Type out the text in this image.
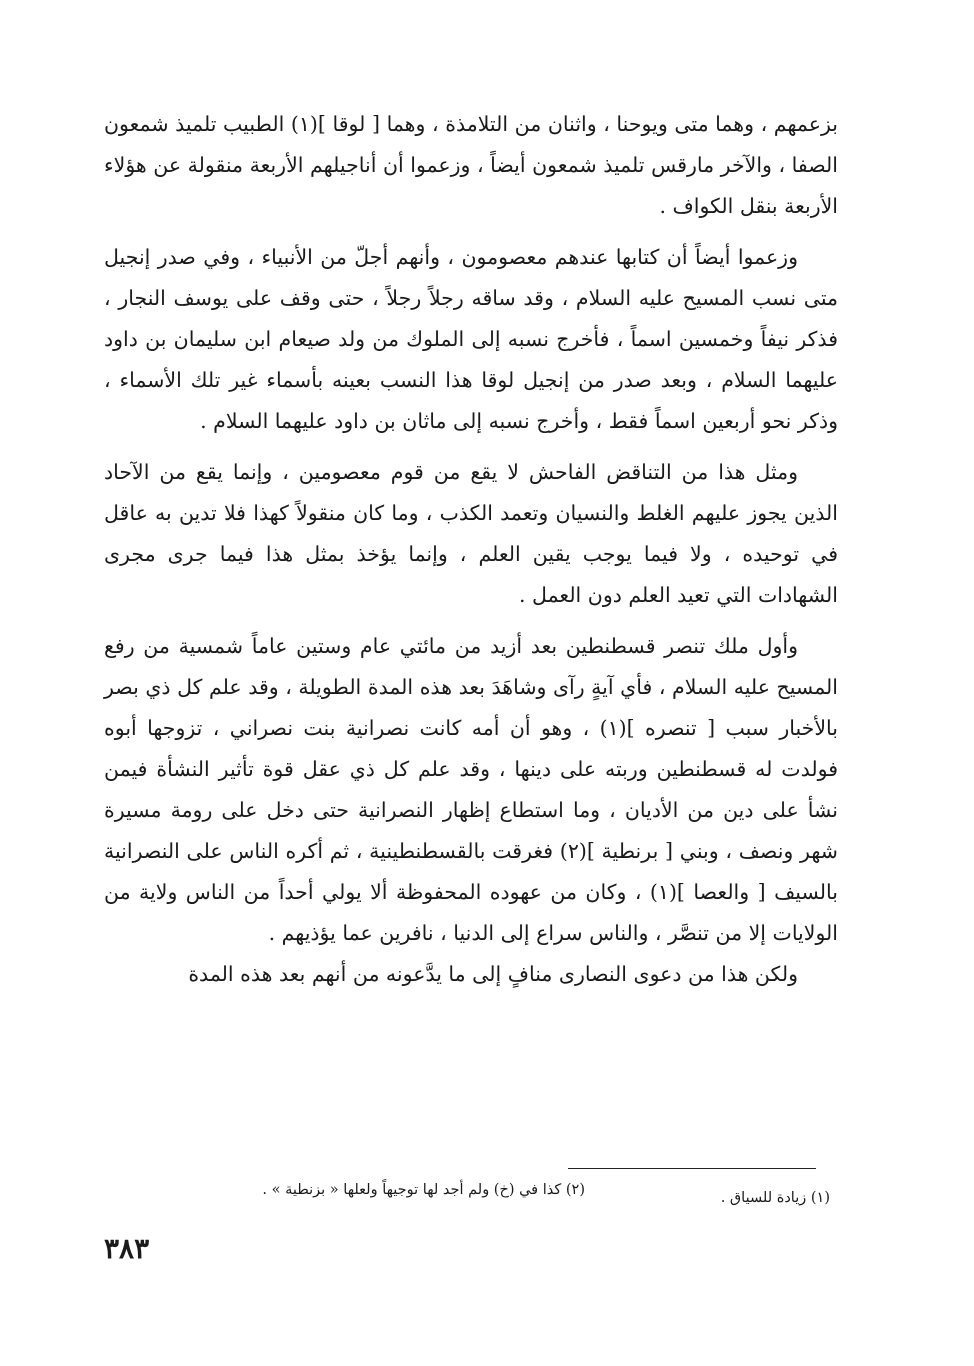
بزعمهم ، وهما متى ويوحنا ، واثنان من التلامذة ، وهما [ لوقا ](١) الطبيب تلميذ شمعون الصفا ، والآخر مارقس تلميذ شمعون أيضاً ، وزعموا أن أناجيلهم الأربعة منقولة عن هؤلاء الأربعة بنقل الكواف .

وزعموا أيضاً أن كتابها عندهم معصومون ، وأنهم أجلّ من الأنبياء ، وفي صدر إنجيل متى نسب المسيح عليه السلام ، وقد ساقه رجلاً رجلاً ، حتى وقف على يوسف النجار ، فذكر نيفاً وخمسين اسماً ، فأخرج نسبه إلى الملوك من ولد صيعام ابن سليمان بن داود عليهما السلام ، وبعد صدر من إنجيل لوقا هذا النسب بعينه بأسماء غير تلك الأسماء ، وذكر نحو أربعين اسماً فقط ، وأخرج نسبه إلى ماثان بن داود عليهما السلام .

ومثل هذا من التناقض الفاحش لا يقع من قوم معصومين ، وإنما يقع من الآحاد الذين يجوز عليهم الغلط والنسيان وتعمد الكذب ، وما كان منقولاً كهذا فلا تدين به عاقل في توحيده ، ولا فيما يوجب يقين العلم ، وإنما يؤخذ بمثل هذا فيما جرى مجرى الشهادات التي تعيد العلم دون العمل .

وأول ملك تنصر قسطنطين بعد أزيد من مائتي عام وستين عاماً شمسية من رفع المسيح عليه السلام ، فأي آيةٍ رآى وشاهَدَ بعد هذه المدة الطويلة ، وقد علم كل ذي بصر بالأخبار سبب [ تنصره ](١) ، وهو أن أمه كانت نصرانية بنت نصراني ، تزوجها أبوه فولدت له قسطنطين وربته على دينها ، وقد علم كل ذي عقل قوة تأثير النشأة فيمن نشأ على دين من الأديان ، وما استطاع إظهار النصرانية حتى دخل على رومة مسيرة شهر ونصف ، وبني [ برنطية ](٢) فغرقت بالقسطنطينية ، ثم أكره الناس على النصرانية بالسيف [ والعصا ](١) ، وكان من عهوده المحفوظة ألا يولي أحداً من الناس ولاية من الولايات إلا من تنصَّر ، والناس سراع إلى الدنيا ، نافرين عما يؤذيهم .

ولكن هذا من دعوى النصارى منافٍ إلى ما يدَّعونه من أنهم بعد هذه المدة

(١) زيادة للسياق .
(٢) كذا في (خ) ولم أجد لها توجيهاً ولعلها « بزنطية » .
٣٨٣
